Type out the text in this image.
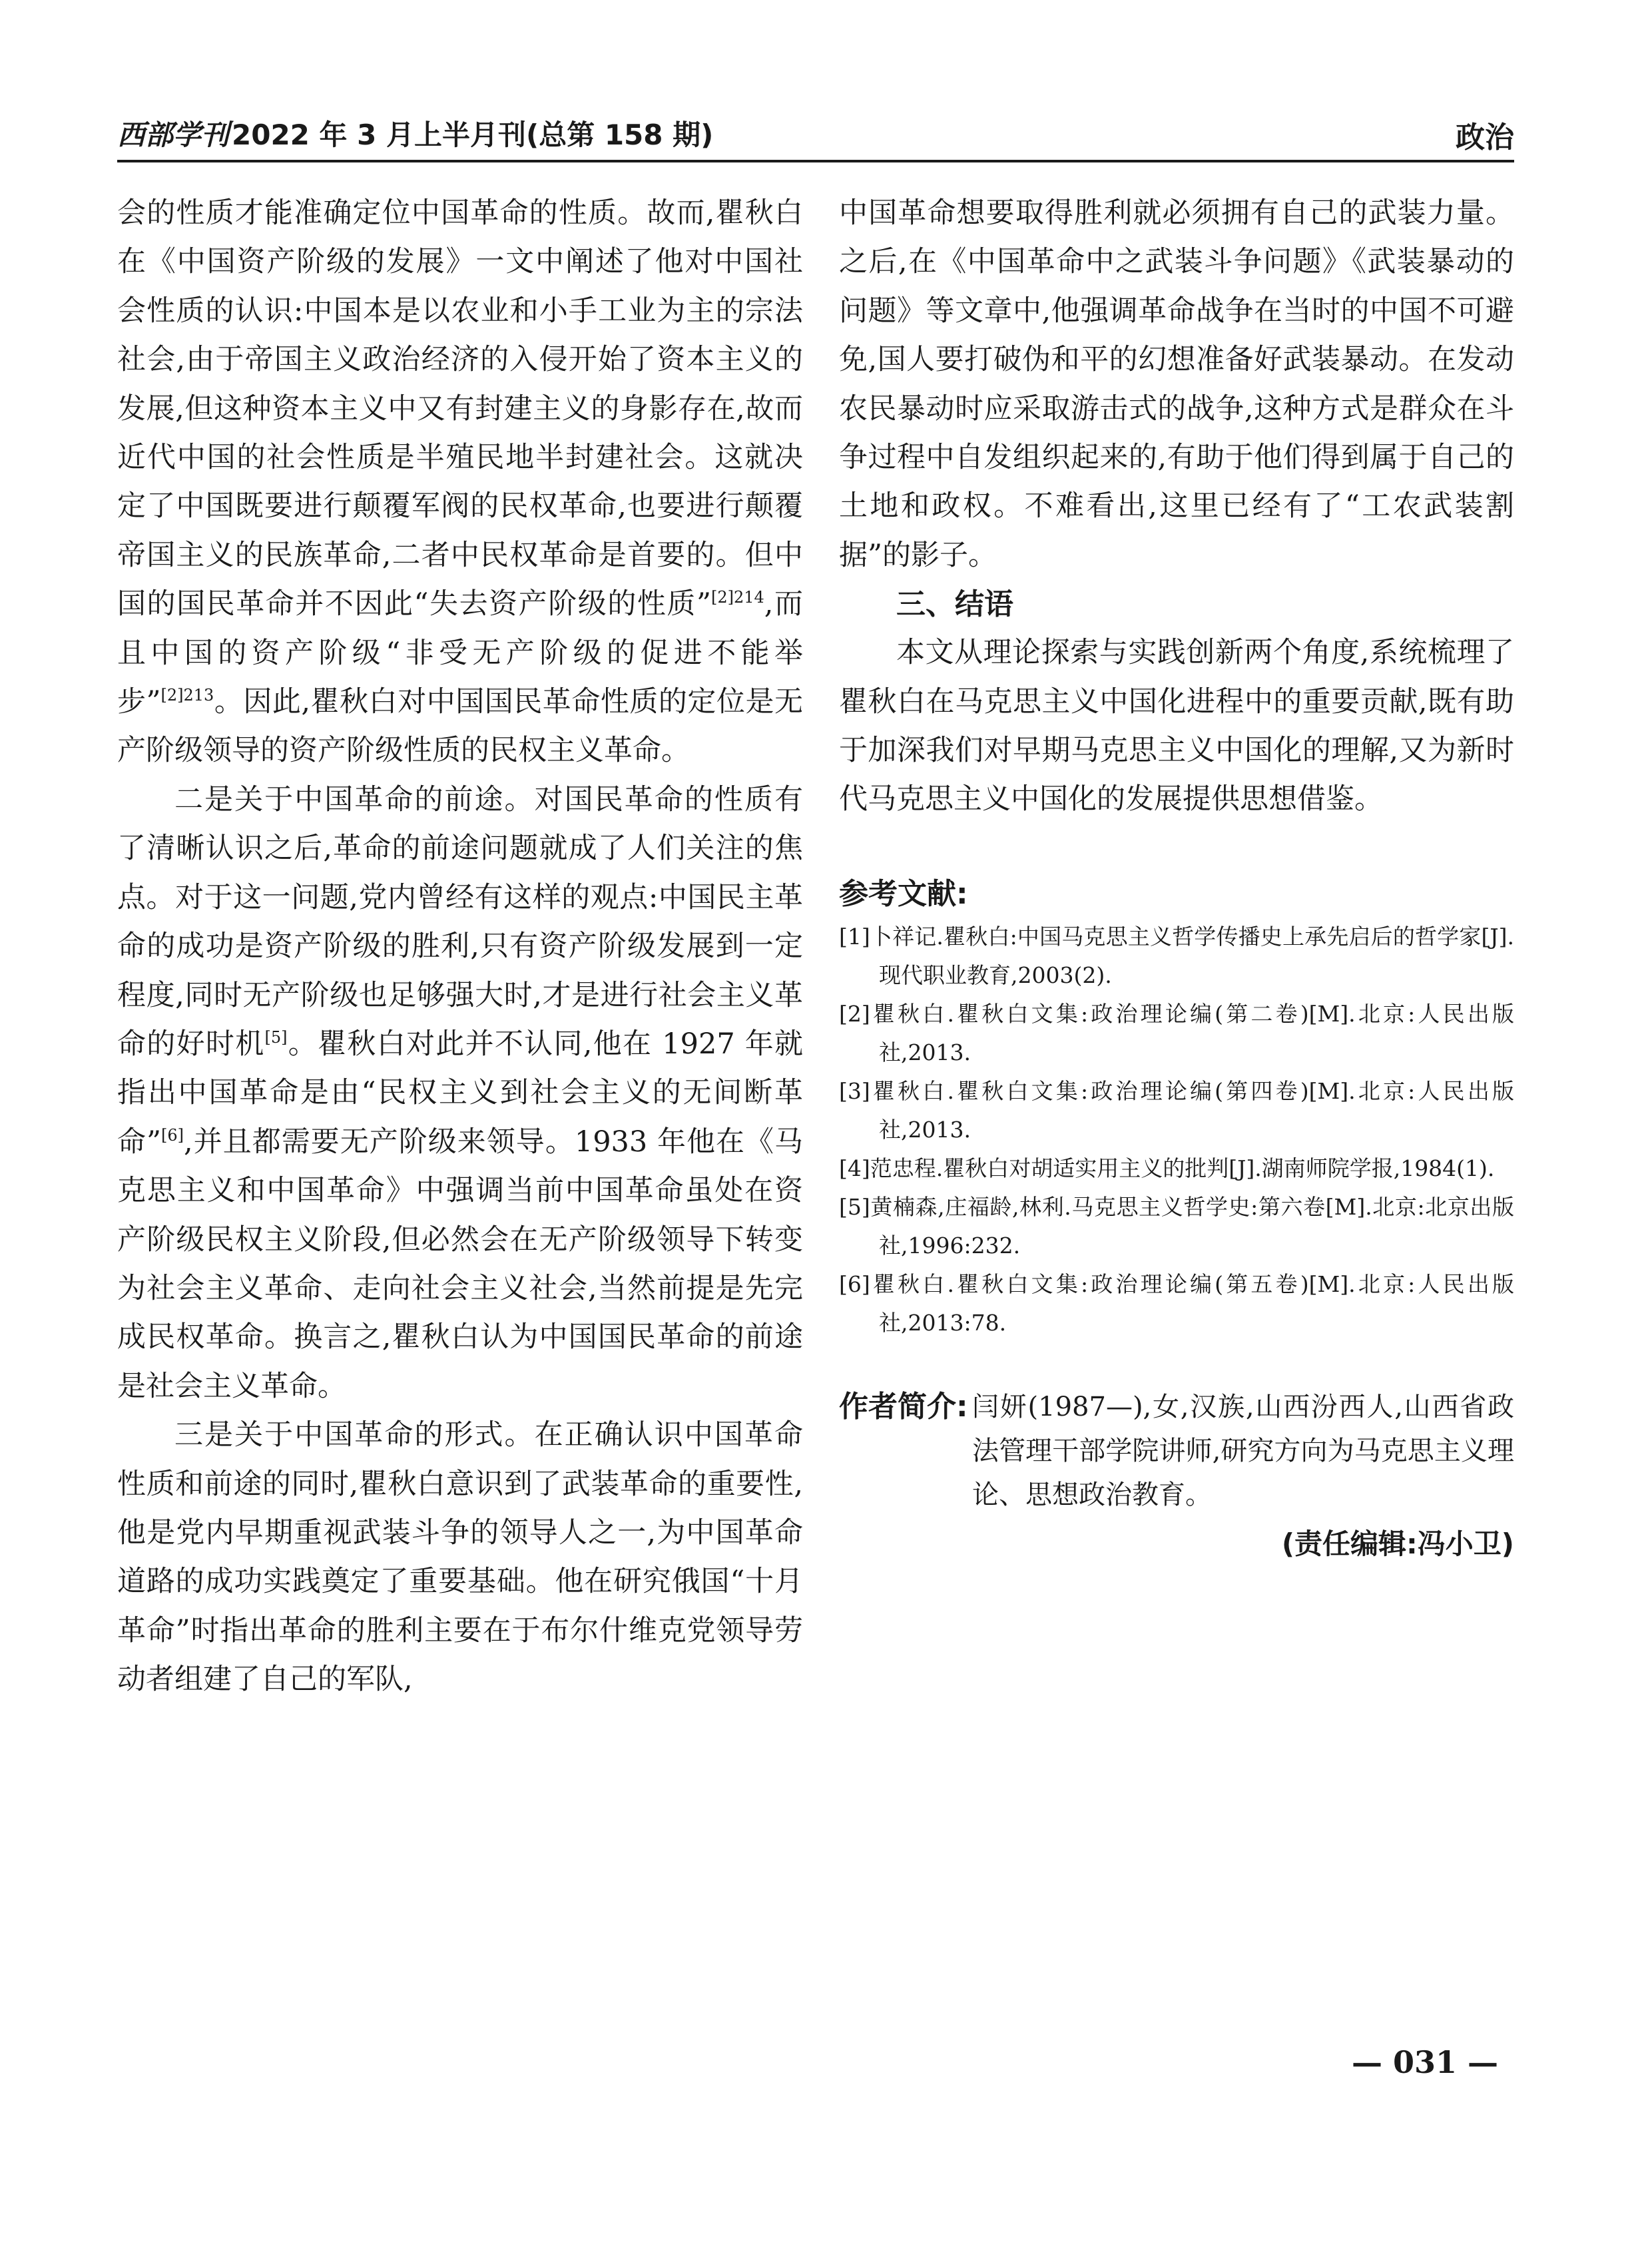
西部学刊2022 年 3 月上半月刊(总第 158 期)	政治

会的性质才能准确定位中国革命的性质。故而,瞿秋白在《中国资产阶级的发展》一文中阐述了他对中国社会性质的认识:中国本是以农业和小手工业为主的宗法社会,由于帝国主义政治经济的入侵开始了资本主义的发展,但这种资本主义中又有封建主义的身影存在,故而近代中国的社会性质是半殖民地半封建社会。这就决定了中国既要进行颠覆军阀的民权革命,也要进行颠覆帝国主义的民族革命,二者中民权革命是首要的。但中国的国民革命并不因此“失去资产阶级的性质”$^{[2]214}$,而且中国的资产阶级“非受无产阶级的促进不能举步”$^{[2]213}$。因此,瞿秋白对中国国民革命性质的定位是无产阶级领导的资产阶级性质的民权主义革命。

二是关于中国革命的前途。对国民革命的性质有了清晰认识之后,革命的前途问题就成了人们关注的焦点。对于这一问题,党内曾经有这样的观点:中国民主革命的成功是资产阶级的胜利,只有资产阶级发展到一定程度,同时无产阶级也足够强大时,才是进行社会主义革命的好时机[5]。瞿秋白对此并不认同,他在 1927 年就指出中国革命是由“民权主义到社会主义的无间断革命”[6],并且都需要无产阶级来领导。1933 年他在《马克思主义和中国革命》中强调当前中国革命虽处在资产阶级民权主义阶段,但必然会在无产阶级领导下转变为社会主义革命、走向社会主义社会,当然前提是先完成民权革命。换言之,瞿秋白认为中国国民革命的前途是社会主义革命。

三是关于中国革命的形式。在正确认识中国革命性质和前途的同时,瞿秋白意识到了武装革命的重要性,他是党内早期重视武装斗争的领导人之一,为中国革命道路的成功实践奠定了重要基础。他在研究俄国“十月革命”时指出革命的胜利主要在于布尔什维克党领导劳动者组建了自己的军队,

中国革命想要取得胜利就必须拥有自己的武装力量。之后,在《中国革命中之武装斗争问题》《武装暴动的问题》等文章中,他强调革命战争在当时的中国不可避免,国人要打破伪和平的幻想准备好武装暴动。在发动农民暴动时应采取游击式的战争,这种方式是群众在斗争过程中自发组织起来的,有助于他们得到属于自己的土地和政权。不难看出,这里已经有了“工农武装割据”的影子。

三、结语

本文从理论探索与实践创新两个角度,系统梳理了瞿秋白在马克思主义中国化进程中的重要贡献,既有助于加深我们对早期马克思主义中国化的理解,又为新时代马克思主义中国化的发展提供思想借鉴。

参考文献:
[1]卜祥记.瞿秋白:中国马克思主义哲学传播史上承先启后的哲学家[J].现代职业教育,2003(2).
[2]瞿秋白.瞿秋白文集:政治理论编(第二卷)[M].北京:人民出版社,2013.
[3]瞿秋白.瞿秋白文集:政治理论编(第四卷)[M].北京:人民出版社,2013.
[4]范忠程.瞿秋白对胡适实用主义的批判[J].湖南师院学报,1984(1).
[5]黄楠森,庄福龄,林利.马克思主义哲学史:第六卷[M].北京:北京出版社,1996:232.
[6]瞿秋白.瞿秋白文集:政治理论编(第五卷)[M].北京:人民出版社,2013:78.
作者简介: 闫妍(1987—),女,汉族,山西汾西人,山西省政法管理干部学院讲师,研究方向为马克思主义理论、思想政治教育。
(责任编辑:冯小卫)
— 031 —
